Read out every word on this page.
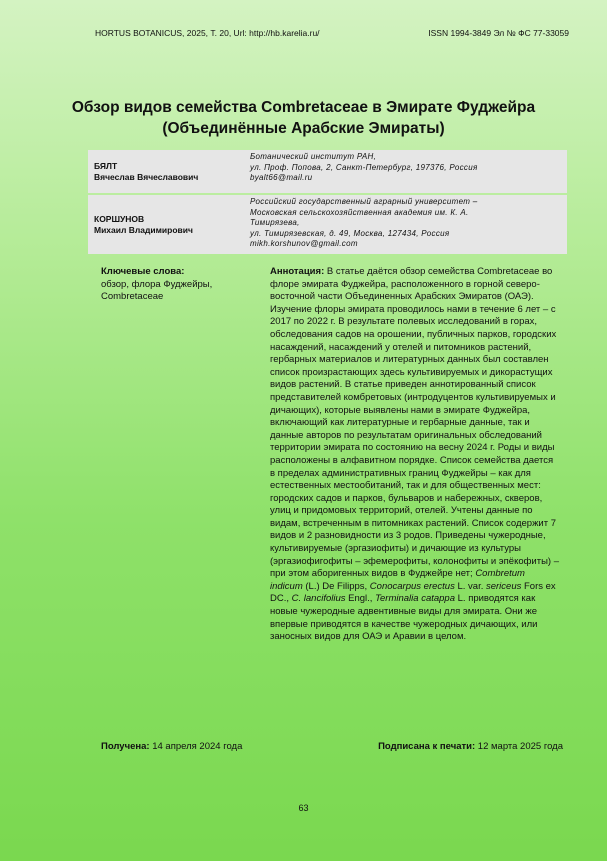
HORTUS BOTANICUS, 2025, Т. 20, Url: http://hb.karelia.ru/	ISSN 1994-3849 Эл № ФС 77-33059
Обзор видов семейства Combretaceae в Эмирате Фуджейра
(Объединённые Арабские Эмираты)
БЯЛТ
Вячеслав Вячеславович
Ботанический институт РАН,
ул. Проф. Попова, 2, Санкт-Петербург, 197376, Россия
byalt66@mail.ru
КОРШУНОВ
Михаил Владимирович
Российский государственный аграрный университет –
Московская сельскохозяйственная академия им. К. А.
Тимирязева,
ул. Тимирязевская, д. 49, Москва, 127434, Россия
mikh.korshunov@gmail.com
Ключевые слова:
обзор, флора Фуджейры, Combretaceae
Аннотация: В статье даётся обзор семейства Combretaceae во флоре эмирата Фуджейра, расположенного в горной северо-восточной части Объединенных Арабских Эмиратов (ОАЭ). Изучение флоры эмирата проводилось нами в течение 6 лет – с 2017 по 2022 г. В результате полевых исследований в горах, обследования садов на орошении, публичных парков, городских насаждений, насаждений у отелей и питомников растений, гербарных материалов и литературных данных был составлен список произрастающих здесь культивируемых и дикорастущих видов растений. В статье приведен аннотированный список представителей комбретовых (интродуцентов культивируемых и дичающих), которые выявлены нами в эмирате Фуджейра, включающий как литературные и гербарные данные, так и данные авторов по результатам оригинальных обследований территории эмирата по состоянию на весну 2024 г. Роды и виды расположены в алфавитном порядке. Список семейства дается в пределах административных границ Фуджейры – как для естественных местообитаний, так и для общественных мест: городских садов и парков, бульваров и набережных, скверов, улиц и придомовых территорий, отелей. Учтены данные по видам, встреченным в питомниках растений. Список содержит 7 видов и 2 разновидности из 3 родов. Приведены чужеродные, культивируемые (эргазиофиты) и дичающие из культуры (эргазиофигофиты – эфемерофиты, колонофиты и эпёкофиты) – при этом аборигенных видов в Фуджейре нет; Combretum indicum (L.) De Filipps, Conocarpus erectus L. var. sericeus Fors ex DC., C. lancifolius Engl., Terminalia catappa L. приводятся как новые чужеродные адвентивные виды для эмирата. Они же впервые приводятся в качестве чужеродных дичающих, или заносных видов для ОАЭ и Аравии в целом.
Получена: 14 апреля 2024 года	Подписана к печати: 12 марта 2025 года
63
